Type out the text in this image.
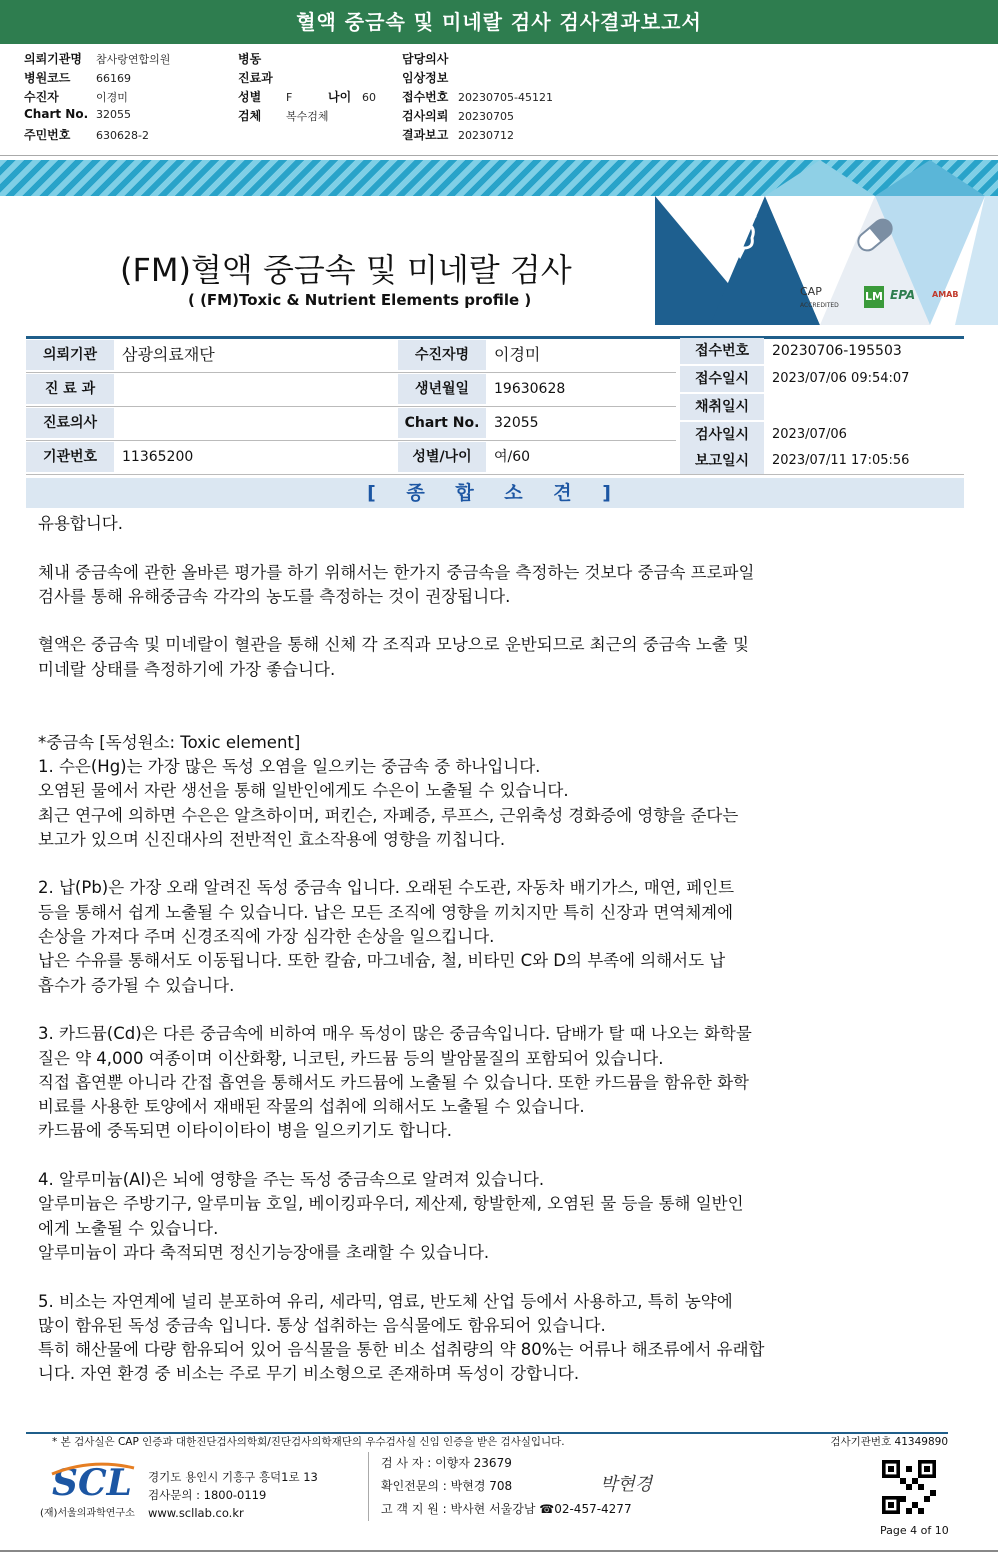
혈액 중금속 및 미네랄 검사 검사결과보고서
의뢰기관명 참사랑연합의원
병원코드 66169
수진자	이경미
Chart No. 32055
주민번호 630628-2
병동
진료과
성별 F	나이 60
검체 복수검체
담당의사
임상정보
접수번호 20230705-45121
검사의뢰 20230705
결과보고 20230712
CAP
ACCREDITED
LM EPA AMAB
(FM)혈액 중금속 및 미네랄 검사
( (FM)Toxic & Nutrient Elements profile )
의뢰기관	삼광의료재단
진 료 과
진료의사
기관번호	11365200
수진자명	이경미
생년월일	19630628
Chart No.	32055
성별/나이	여/60
접수번호	20230706-195503
접수일시	2023/07/06 09:54:07
채취일시
검사일시	2023/07/06
보고일시	2023/07/11 17:05:56
[ 종 합 소 견 ]

유용합니다.

체내 중금속에 관한 올바른 평가를 하기 위해서는 한가지 중금속을 측정하는 것보다 중금속 프로파일

검사를 통해 유해중금속 각각의 농도를 측정하는 것이 권장됩니다.

혈액은 중금속 및 미네랄이 혈관을 통해 신체 각 조직과 모낭으로 운반되므로 최근의 중금속 노출 및

미네랄 상태를 측정하기에 가장 좋습니다.

*중금속 [독성원소: Toxic element]

1. 수은(Hg)는 가장 많은 독성 오염을 일으키는 중금속 중 하나입니다.

오염된 물에서 자란 생선을 통해 일반인에게도 수은이 노출될 수 있습니다.

최근 연구에 의하면 수은은 알츠하이머, 퍼킨슨, 자폐증, 루프스, 근위축성 경화증에 영향을 준다는

보고가 있으며 신진대사의 전반적인 효소작용에 영향을 끼칩니다.

2. 납(Pb)은 가장 오래 알려진 독성 중금속 입니다. 오래된 수도관, 자동차 배기가스, 매연, 페인트

등을 통해서 쉽게 노출될 수 있습니다. 납은 모든 조직에 영향을 끼치지만 특히 신장과 면역체계에

손상을 가져다 주며 신경조직에 가장 심각한 손상을 일으킵니다.

납은 수유를 통해서도 이동됩니다. 또한 칼슘, 마그네슘, 철, 비타민 C와 D의 부족에 의해서도 납

흡수가 증가될 수 있습니다.

3. 카드뮴(Cd)은 다른 중금속에 비하여 매우 독성이 많은 중금속입니다. 담배가 탈 때 나오는 화학물

질은 약 4,000 여종이며 이산화황, 니코틴, 카드뮴 등의 발암물질의 포함되어 있습니다.

직접 흡연뿐 아니라 간접 흡연을 통해서도 카드뮴에 노출될 수 있습니다. 또한 카드뮴을 함유한 화학

비료를 사용한 토양에서 재배된 작물의 섭취에 의해서도 노출될 수 있습니다.

카드뮴에 중독되면 이타이이타이 병을 일으키기도 합니다.

4. 알루미늄(Al)은 뇌에 영향을 주는 독성 중금속으로 알려져 있습니다.

알루미늄은 주방기구, 알루미늄 호일, 베이킹파우더, 제산제, 항발한제, 오염된 물 등을 통해 일반인

에게 노출될 수 있습니다.

알루미늄이 과다 축적되면 정신기능장애를 초래할 수 있습니다.

5. 비소는 자연계에 널리 분포하여 유리, 세라믹, 염료, 반도체 산업 등에서 사용하고, 특히 농약에

많이 함유된 독성 중금속 입니다. 통상 섭취하는 음식물에도 함유되어 있습니다.

특히 해산물에 다량 함유되어 있어 음식물을 통한 비소 섭취량의 약 80%는 어류나 해조류에서 유래합

니다. 자연 환경 중 비소는 주로 무기 비소형으로 존재하며 독성이 강합니다.

* 본 검사실은 CAP 인증과 대한진단검사의학회/진단검사의학재단의 우수검사실 신임 인증을 받은 검사실입니다.	검사기관번호 41349890
SCL
(재)서울의과학연구소
경기도 용인시 기흥구 흥덕1로 13
검사문의 : 1800-0119
www.scllab.co.kr
검 사 자 : 이향자 23679
확인전문의 : 박현경 708
고 객 지 원 : 박사현 서울강남 ☎02-457-4277
박현경
Page 4 of 10
